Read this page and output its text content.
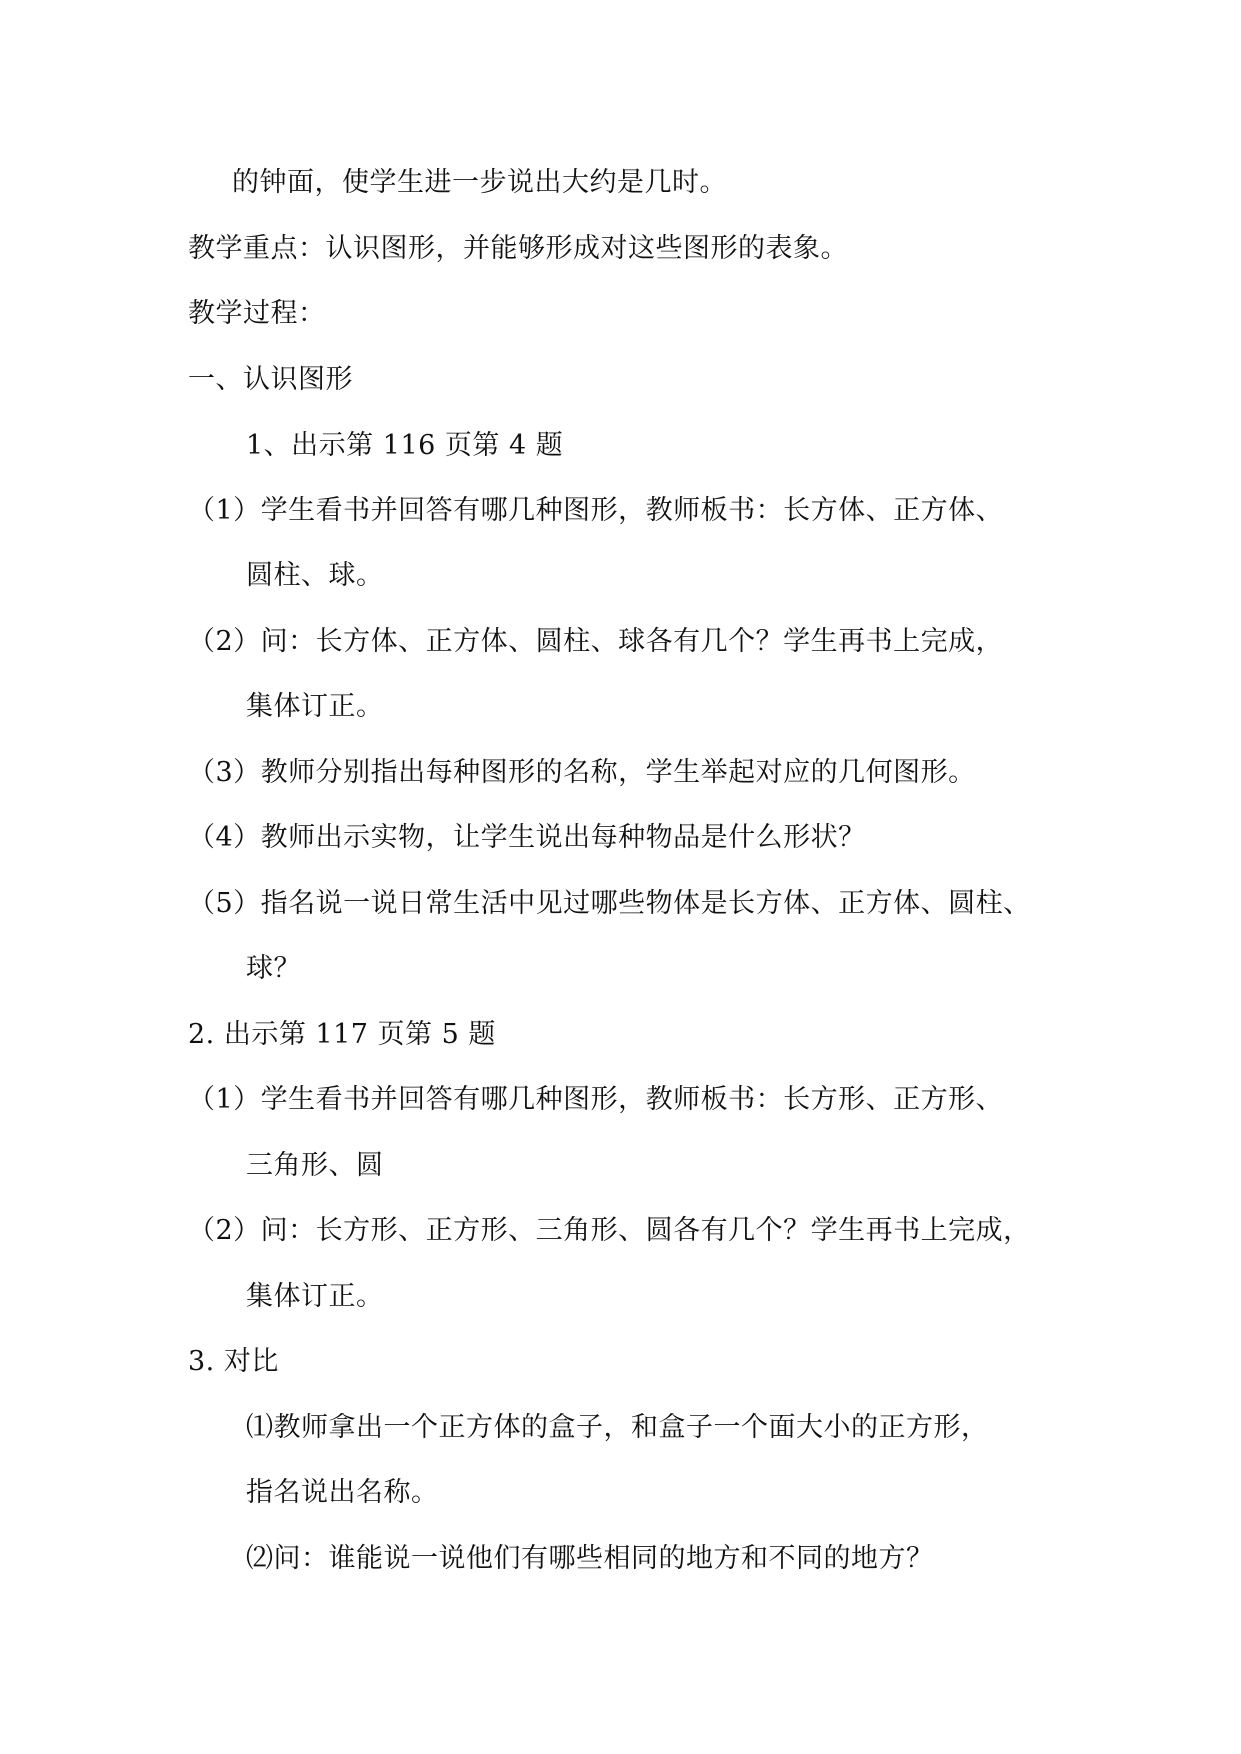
的钟面，使学生进一步说出大约是几时。
教学重点：认识图形，并能够形成对这些图形的表象。
教学过程：
一、认识图形
1、出示第 116 页第 4 题
（1）学生看书并回答有哪几种图形，教师板书：长方体、正方体、
圆柱、球。
（2）问：长方体、正方体、圆柱、球各有几个？学生再书上完成，
集体订正。
（3）教师分别指出每种图形的名称，学生举起对应的几何图形。
（4）教师出示实物，让学生说出每种物品是什么形状？
（5）指名说一说日常生活中见过哪些物体是长方体、正方体、圆柱、
球？
2. 出示第 117 页第 5 题
（1）学生看书并回答有哪几种图形，教师板书：长方形、正方形、
三角形、圆
（2）问：长方形、正方形、三角形、圆各有几个？学生再书上完成，
集体订正。
3. 对比
⑴教师拿出一个正方体的盒子，和盒子一个面大小的正方形，
指名说出名称。
⑵问：谁能说一说他们有哪些相同的地方和不同的地方？
